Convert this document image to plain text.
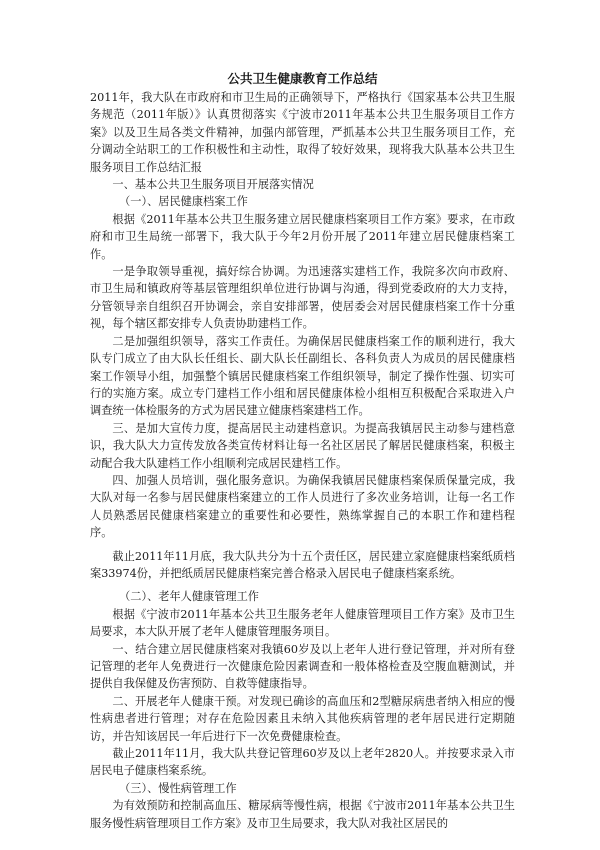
公共卫生健康教育工作总结

2011年，我大队在市政府和市卫生局的正确领导下，严格执行《国家基本公共卫生服务规范（2011年版）》认真贯彻落实《宁波市2011年基本公共卫生服务项目工作方案》以及卫生局各类文件精神，加强内部管理，严抓基本公共卫生服务项目工作，充分调动全站职工的工作积极性和主动性，取得了较好效果，现将我大队基本公共卫生服务项目工作总结汇报

一、基本公共卫生服务项目开展落实情况

（一）、居民健康档案工作

根据《2011年基本公共卫生服务建立居民健康档案项目工作方案》要求，在市政府和市卫生局统一部署下，我大队于今年2月份开展了2011年建立居民健康档案工作。

一是争取领导重视，搞好综合协调。为迅速落实建档工作，我院多次向市政府、市卫生局和镇政府等基层管理组织单位进行协调与沟通，得到党委政府的大力支持，分管领导亲自组织召开协调会，亲自安排部署，使居委会对居民健康档案工作十分重视，每个辖区都安排专人负责协助建档工作。

二是加强组织领导，落实工作责任。为确保居民健康档案工作的顺利进行，我大队专门成立了由大队长任组长、副大队长任副组长、各科负责人为成员的居民健康档案工作领导小组，加强整个镇居民健康档案工作组织领导，制定了操作性强、切实可行的实施方案。成立专门建档工作小组和居民健康体检小组相互积极配合采取进入户调查统一体检服务的方式为居民建立健康档案建档工作。

三、是加大宣传力度，提高居民主动建档意识。为提高我镇居民主动参与建档意识，我大队大力宣传发放各类宣传材料让每一名社区居民了解居民健康档案，积极主动配合我大队建档工作小组顺利完成居民建档工作。

四、加强人员培训，强化服务意识。为确保我镇居民健康档案保质保量完成，我大队对每一名参与居民健康档案建立的工作人员进行了多次业务培训，让每一名工作人员熟悉居民健康档案建立的重要性和必要性，熟练掌握自己的本职工作和建档程序。

截止2011年11月底，我大队共分为十五个责任区，居民建立家庭健康档案纸质档案33974份，并把纸质居民健康档案完善合格录入居民电子健康档案系统。

（二）、老年人健康管理工作

根据《宁波市2011年基本公共卫生服务老年人健康管理项目工作方案》及市卫生局要求，本大队开展了老年人健康管理服务项目。

一、结合建立居民健康档案对我镇60岁及以上老年人进行登记管理，并对所有登记管理的老年人免费进行一次健康危险因素调查和一般体格检查及空腹血糖测试，并提供自我保健及伤害预防、自救等健康指导。

二、开展老年人健康干预。对发现已确诊的高血压和2型糖尿病患者纳入相应的慢性病患者进行管理；对存在危险因素且未纳入其他疾病管理的老年居民进行定期随访，并告知该居民一年后进行下一次免费健康检查。

截止2011年11月，我大队共登记管理60岁及以上老年2820人。并按要求录入市居民电子健康档案系统。

（三）、慢性病管理工作

为有效预防和控制高血压、糖尿病等慢性病，根据《宁波市2011年基本公共卫生服务慢性病管理项目工作方案》及市卫生局要求，我大队对我社区居民的
